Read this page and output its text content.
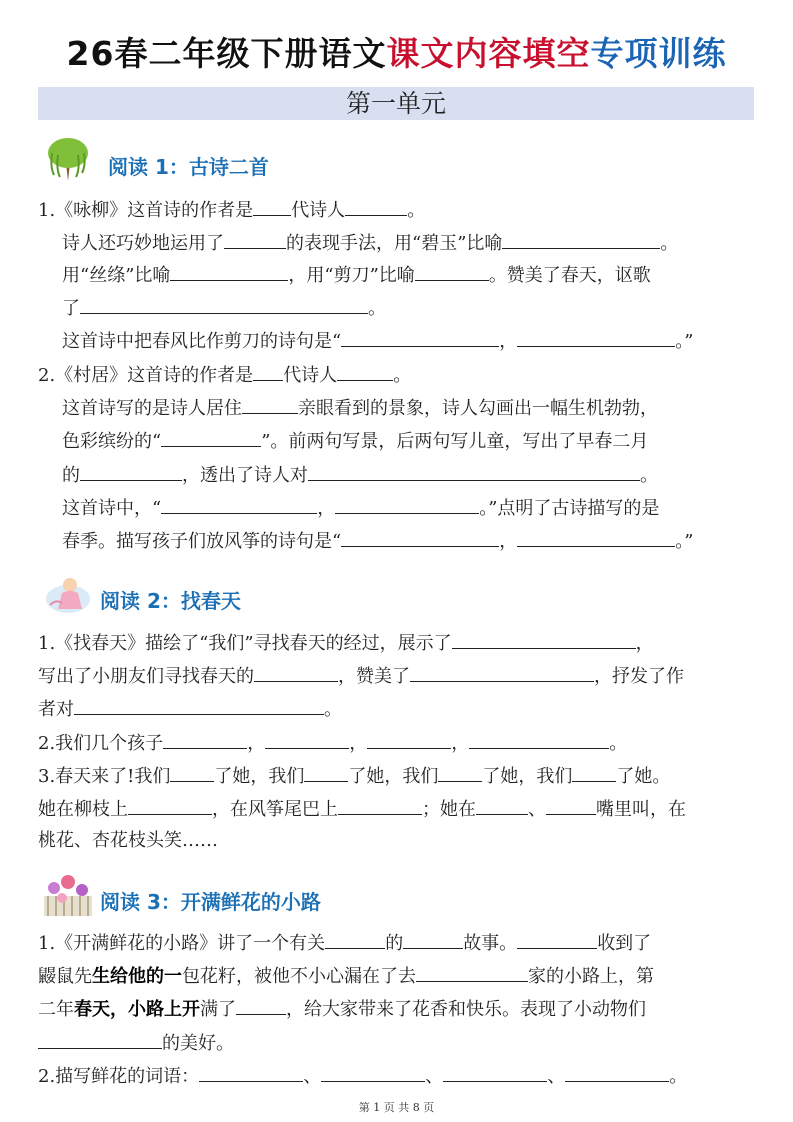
26春二年级下册语文课文内容填空专项训练
第一单元
阅读 1：古诗二首
1.《咏柳》这首诗的作者是 代诗人	。
诗人还巧妙地运用了	的表现手法，用“碧玉”比喻	。
用“丝绦”比喻	，用“剪刀”比喻	。赞美了春天，讴歌
了	。
这首诗中把春风比作剪刀的诗句是“	，	。”
2.《村居》这首诗的作者是 代诗人	。
这首诗写的是诗人居住	亲眼看到的景象，诗人勾画出一幅生机勃勃，
色彩缤纷的“	”。前两句写景，后两句写儿童，写出了早春二月
的	，透出了诗人对	。
这首诗中，“	，	。”点明了古诗描写的是
春季。描写孩子们放风筝的诗句是“	，	。”
阅读 2：找春天
1.《找春天》描绘了“我们”寻找春天的经过，展示了	，
写出了小朋友们寻找春天的	，赞美了	，抒发了作
者对	。
2.我们几个孩子	，	，	，	。
3.春天来了!我们 了她，我们 了她，我们 了她，我们 了她。
她在柳枝上	，在风筝尾巴上	；她在	、	嘴里叫，在
桃花、杏花枝头笑……
阅读 3：开满鲜花的小路
1.《开满鲜花的小路》讲了一个有关	的	故事。	收到了
鼹鼠先生给他的一包花籽，被他不小心漏在了去	家的小路上，第
二年春天，小路上开满了	，给大家带来了花香和快乐。表现了小动物们
的美好。
2.描写鲜花的词语：	、	、	、	。
第 1 页 共 8 页
